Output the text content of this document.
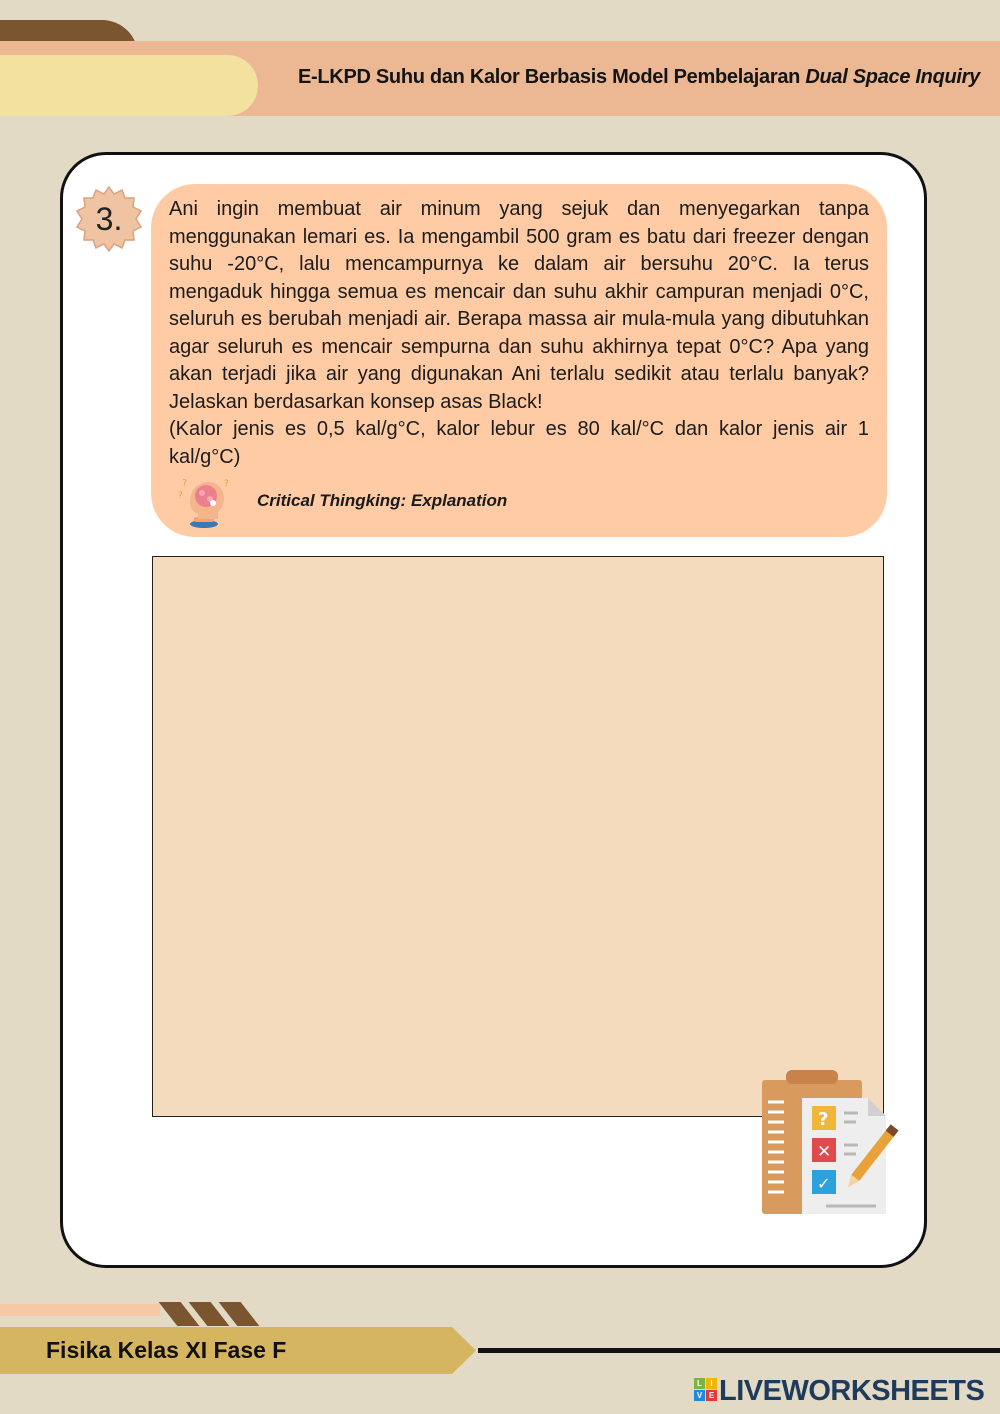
E-LKPD Suhu dan Kalor Berbasis Model Pembelajaran Dual Space Inquiry
3.	Ani ingin membuat air minum yang sejuk dan menyegarkan tanpa menggunakan lemari es. Ia mengambil 500 gram es batu dari freezer dengan suhu -20°C, lalu mencampurnya ke dalam air bersuhu 20°C. Ia terus mengaduk hingga semua es mencair dan suhu akhir campuran menjadi 0°C, seluruh es berubah menjadi air. Berapa massa air mula-mula yang dibutuhkan agar seluruh es mencair sempurna dan suhu akhirnya tepat 0°C? Apa yang akan terjadi jika air yang digunakan Ani terlalu sedikit atau terlalu banyak? Jelaskan berdasarkan konsep asas Black!

(Kalor jenis es 0,5 kal/g°C, kalor lebur es 80 kal/°C dan kalor jenis air 1 kal/g°C)

?
?
?
Critical Thingking: Explanation
?
✕
✓
Fisika Kelas XI Fase F
L	I
V E LIVEWORKSHEETS
